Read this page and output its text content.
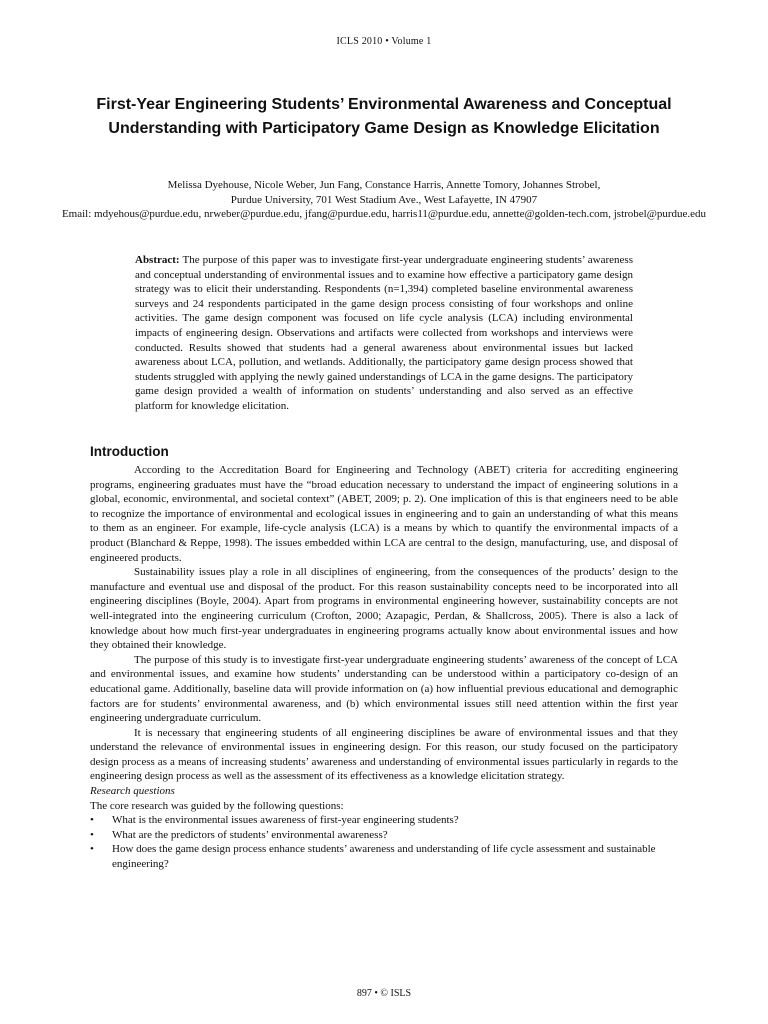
ICLS 2010 • Volume 1
First-Year Engineering Students’ Environmental Awareness and Conceptual Understanding with Participatory Game Design as Knowledge Elicitation
Melissa Dyehouse, Nicole Weber, Jun Fang, Constance Harris, Annette Tomory, Johannes Strobel,
Purdue University, 701 West Stadium Ave., West Lafayette, IN 47907
Email: mdyehous@purdue.edu, nrweber@purdue.edu, jfang@purdue.edu, harris11@purdue.edu, annette@golden-tech.com, jstrobel@purdue.edu

Abstract: The purpose of this paper was to investigate first-year undergraduate engineering students’ awareness and conceptual understanding of environmental issues and to examine how effective a participatory game design strategy was to elicit their understanding. Respondents (n=1,394) completed baseline environmental awareness surveys and 24 respondents participated in the game design process consisting of four workshops and online activities. The game design component was focused on life cycle analysis (LCA) including environmental impacts of engineering design. Observations and artifacts were collected from workshops and interviews were conducted. Results showed that students had a general awareness about environmental issues but lacked awareness about LCA, pollution, and wetlands. Additionally, the participatory game design process showed that students struggled with applying the newly gained understandings of LCA in the game designs. The participatory game design provided a wealth of information on students’ understanding and also served as an effective platform for knowledge elicitation.

Introduction

According to the Accreditation Board for Engineering and Technology (ABET) criteria for accrediting engineering programs, engineering graduates must have the “broad education necessary to understand the impact of engineering solutions in a global, economic, environmental, and societal context” (ABET, 2009; p. 2). One implication of this is that engineers need to be able to recognize the importance of environmental and ecological issues in engineering and to gain an understanding of what this means to them as an engineer. For example, life-cycle analysis (LCA) is a means by which to quantify the environmental impacts of a product (Blanchard & Reppe, 1998). The issues embedded within LCA are central to the design, manufacturing, use, and disposal of engineered products.

Sustainability issues play a role in all disciplines of engineering, from the consequences of the products’ design to the manufacture and eventual use and disposal of the product. For this reason sustainability concepts need to be incorporated into all engineering disciplines (Boyle, 2004). Apart from programs in environmental engineering however, sustainability concepts are not well-integrated into the engineering curriculum (Crofton, 2000; Azapagic, Perdan, & Shallcross, 2005). There is also a lack of knowledge about how much first-year undergraduates in engineering programs actually know about environmental issues and how they obtained their knowledge.

The purpose of this study is to investigate first-year undergraduate engineering students’ awareness of the concept of LCA and environmental issues, and examine how students’ understanding can be understood within a participatory co-design of an educational game. Additionally, baseline data will provide information on (a) how influential previous educational and demographic factors are for students’ environmental awareness, and (b) which environmental issues still need attention within the first year engineering undergraduate curriculum.

It is necessary that engineering students of all engineering disciplines be aware of environmental issues and that they understand the relevance of environmental issues in engineering design. For this reason, our study focused on the participatory design process as a means of increasing students’ awareness and understanding of environmental issues particularly in regards to the engineering design process as well as the assessment of its effectiveness as a knowledge elicitation strategy.

Research questions
The core research was guided by the following questions:
• What is the environmental issues awareness of first-year engineering students?
• What are the predictors of students’ environmental awareness?
• How does the game design process enhance students’ awareness and understanding of life cycle assessment and sustainable engineering?
897 • © ISLS
